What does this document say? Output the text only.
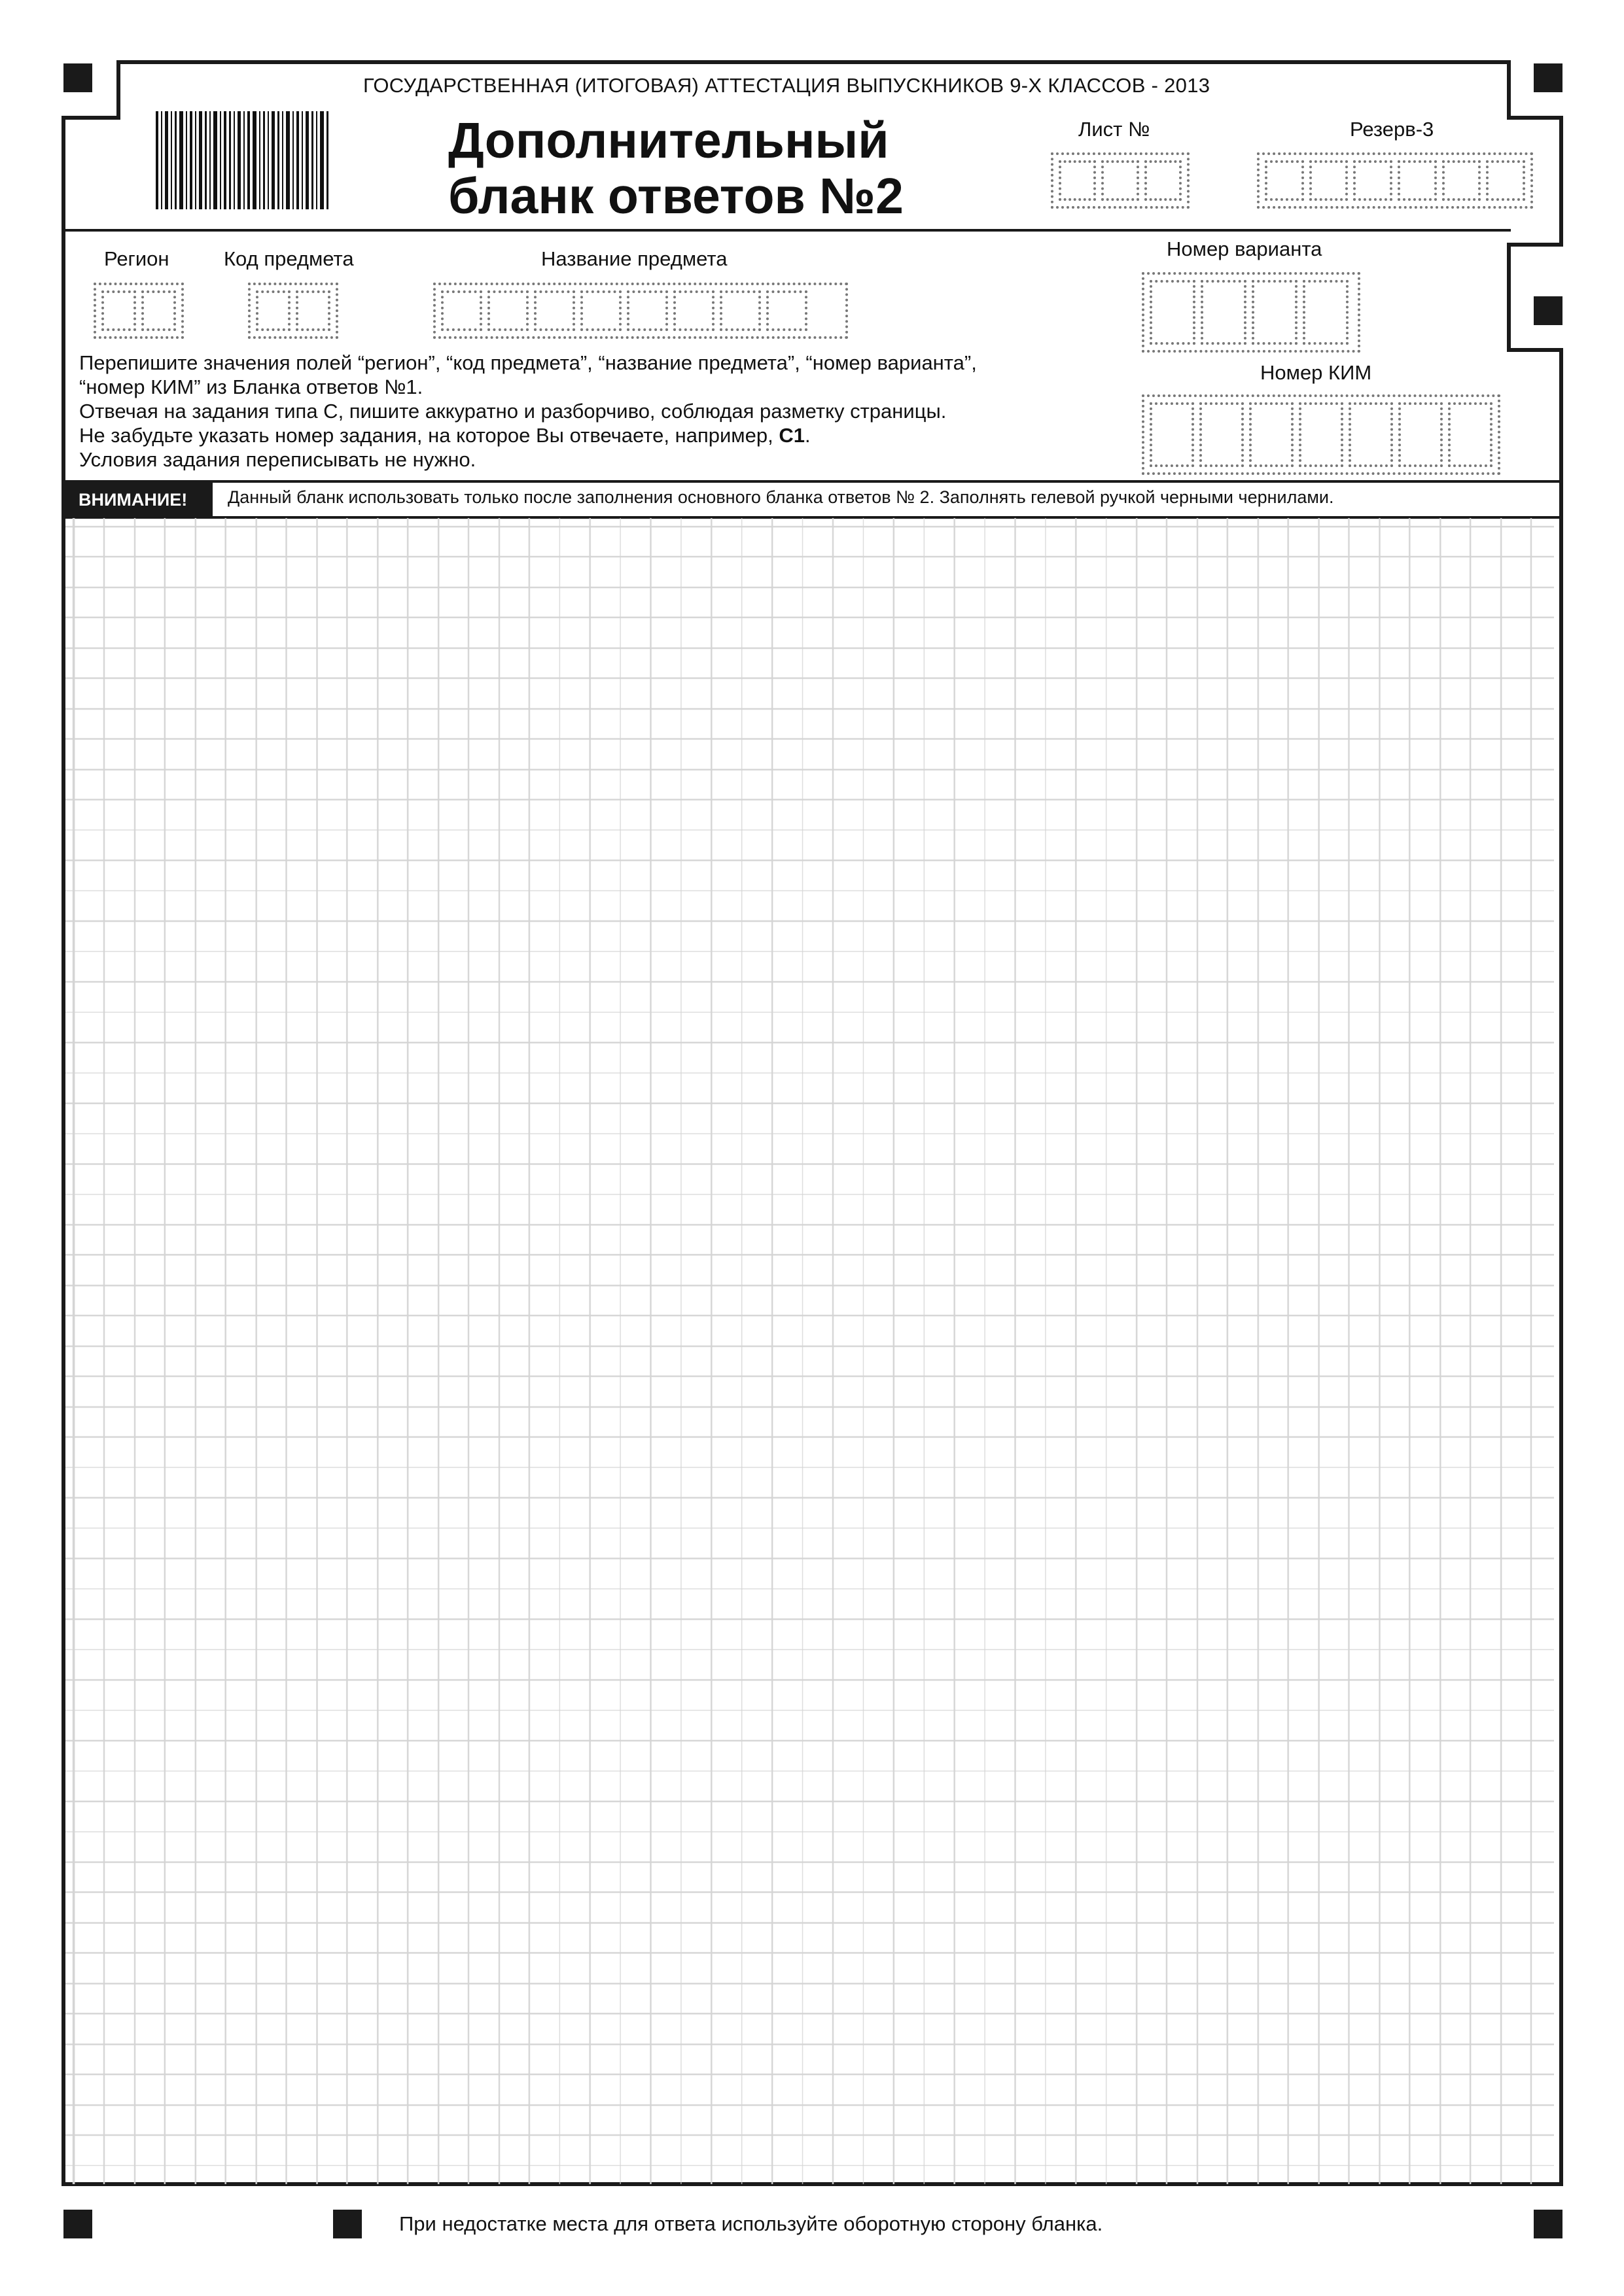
ГОСУДАРСТВЕННАЯ (ИТОГОВАЯ) АТТЕСТАЦИЯ ВЫПУСКНИКОВ 9-Х КЛАССОВ - 2013
Дополнительный
бланк ответов №2
Лист №	Резерв-3
Регион	Код предмета	Название предмета	Номер варианта
Номер КИМ
Перепишите значения полей “регион”, “код предмета”, “название предмета”, “номер варианта”,
“номер КИМ” из Бланка ответов №1.
Отвечая на задания типа С, пишите аккуратно и разборчиво, соблюдая разметку страницы.
Не забудьте указать номер задания, на которое Вы отвечаете, например, С1.
Условия задания переписывать не нужно.
ВНИМАНИЕ!	Данный бланк использовать только после заполнения основного бланка ответов № 2. Заполнять гелевой ручкой черными чернилами.
При недостатке места для ответа используйте оборотную сторону бланка.
